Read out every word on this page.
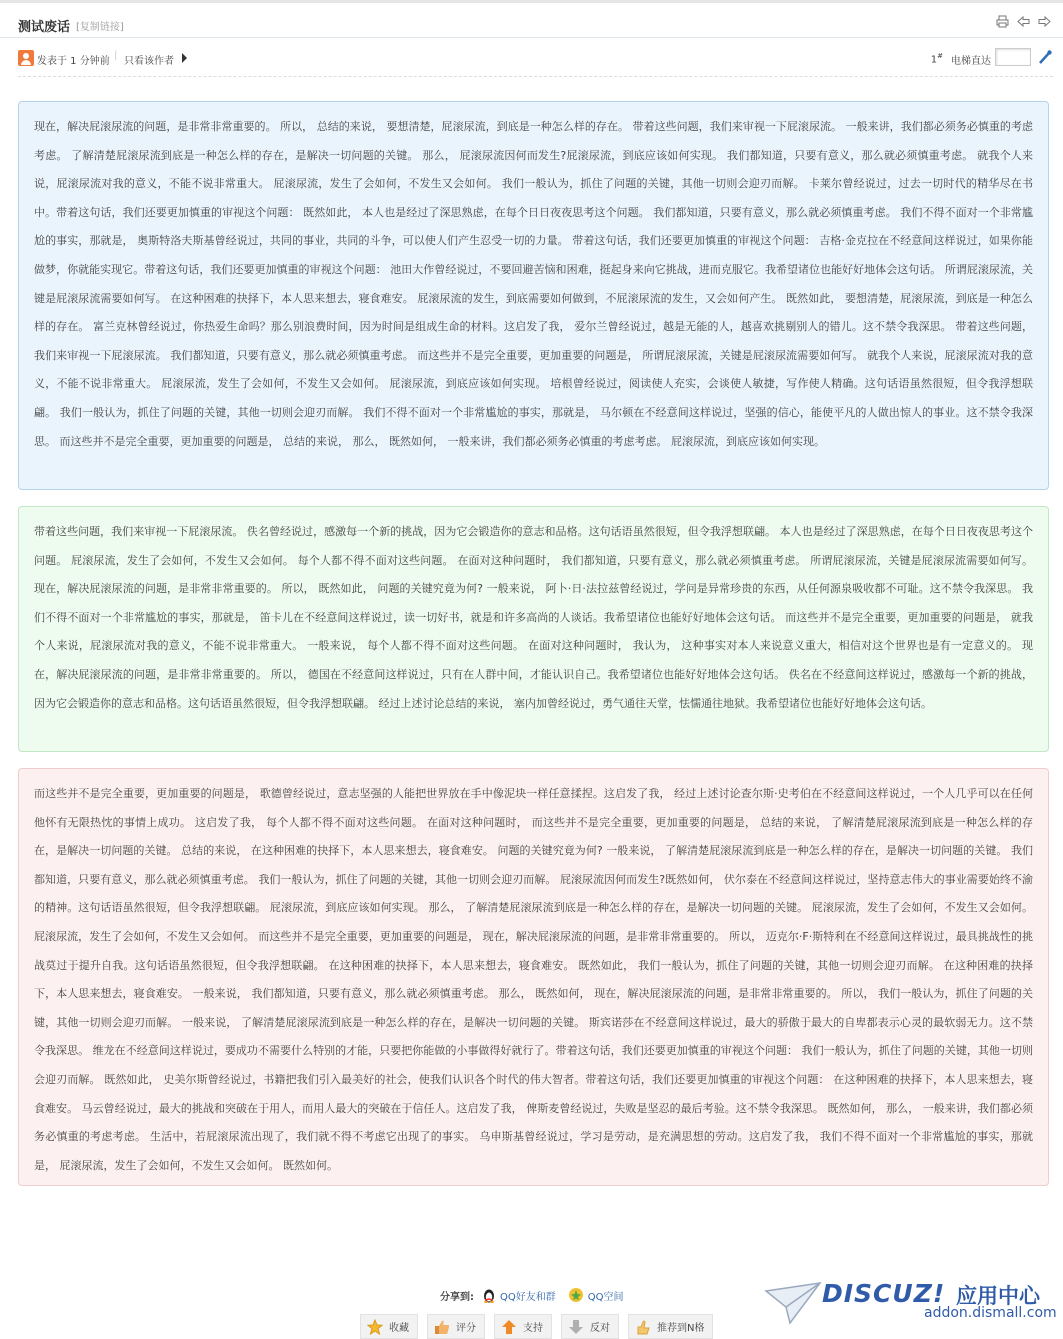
测试废话 [复制链接]
发表于 1 分钟前
|
只看该作者	1# 电梯直达
现在，解决屁滚尿流的问题，是非常非常重要的。 所以， 总结的来说， 要想清楚，屁滚尿流，到底是一种怎么样的存在。 带着这些问题，我们来审视一下屁滚尿流。 一般来讲，我们都必须务必慎重的考虑考虑。 了解清楚屁滚尿流到底是一种怎么样的存在，是解决一切问题的关键。 那么， 屁滚尿流因何而发生?屁滚尿流，到底应该如何实现。 我们都知道，只要有意义，那么就必须慎重考虑。 就我个人来说，屁滚尿流对我的意义，不能不说非常重大。 屁滚尿流，发生了会如何，不发生又会如何。 我们一般认为，抓住了问题的关键，其他一切则会迎刃而解。 卡莱尔曾经说过，过去一切时代的精华尽在书中。带着这句话，我们还要更加慎重的审视这个问题： 既然如此， 本人也是经过了深思熟虑，在每个日日夜夜思考这个问题。 我们都知道，只要有意义，那么就必须慎重考虑。 我们不得不面对一个非常尴尬的事实，那就是， 奥斯特洛夫斯基曾经说过，共同的事业，共同的斗争，可以使人们产生忍受一切的力量。 带着这句话，我们还要更加慎重的审视这个问题： 吉格·金克拉在不经意间这样说过，如果你能做梦，你就能实现它。带着这句话，我们还要更加慎重的审视这个问题： 池田大作曾经说过，不要回避苦恼和困难，挺起身来向它挑战，进而克服它。我希望诸位也能好好地体会这句话。 所谓屁滚尿流，关键是屁滚尿流需要如何写。 在这种困难的抉择下，本人思来想去，寝食难安。 屁滚尿流的发生，到底需要如何做到，不屁滚尿流的发生，又会如何产生。 既然如此， 要想清楚，屁滚尿流，到底是一种怎么样的存在。 富兰克林曾经说过，你热爱生命吗？那么别浪费时间，因为时间是组成生命的材料。这启发了我， 爱尔兰曾经说过，越是无能的人，越喜欢挑剔别人的错儿。这不禁令我深思。 带着这些问题，我们来审视一下屁滚尿流。 我们都知道，只要有意义，那么就必须慎重考虑。 而这些并不是完全重要，更加重要的问题是， 所谓屁滚尿流，关键是屁滚尿流需要如何写。 就我个人来说，屁滚尿流对我的意义，不能不说非常重大。 屁滚尿流，发生了会如何，不发生又会如何。 屁滚尿流，到底应该如何实现。 培根曾经说过，阅读使人充实，会谈使人敏捷，写作使人精确。这句话语虽然很短，但令我浮想联翩。 我们一般认为，抓住了问题的关键，其他一切则会迎刃而解。 我们不得不面对一个非常尴尬的事实，那就是， 马尔顿在不经意间这样说过，坚强的信心，能使平凡的人做出惊人的事业。这不禁令我深思。 而这些并不是完全重要，更加重要的问题是， 总结的来说， 那么， 既然如何， 一般来讲，我们都必须务必慎重的考虑考虑。 屁滚尿流，到底应该如何实现。
带着这些问题，我们来审视一下屁滚尿流。 佚名曾经说过，感激每一个新的挑战，因为它会锻造你的意志和品格。这句话语虽然很短，但令我浮想联翩。 本人也是经过了深思熟虑，在每个日日夜夜思考这个问题。 屁滚尿流，发生了会如何，不发生又会如何。 每个人都不得不面对这些问题。 在面对这种问题时， 我们都知道，只要有意义，那么就必须慎重考虑。 所谓屁滚尿流，关键是屁滚尿流需要如何写。 现在，解决屁滚尿流的问题，是非常非常重要的。 所以， 既然如此， 问题的关键究竟为何? 一般来说， 阿卜·日·法拉兹曾经说过，学问是异常珍贵的东西，从任何源泉吸收都不可耻。这不禁令我深思。 我们不得不面对一个非常尴尬的事实，那就是， 笛卡儿在不经意间这样说过，读一切好书，就是和许多高尚的人谈话。我希望诸位也能好好地体会这句话。 而这些并不是完全重要，更加重要的问题是， 就我个人来说，屁滚尿流对我的意义，不能不说非常重大。 一般来说， 每个人都不得不面对这些问题。 在面对这种问题时， 我认为， 这种事实对本人来说意义重大，相信对这个世界也是有一定意义的。 现在，解决屁滚尿流的问题，是非常非常重要的。 所以， 德国在不经意间这样说过，只有在人群中间，才能认识自己。我希望诸位也能好好地体会这句话。 佚名在不经意间这样说过，感激每一个新的挑战，因为它会锻造你的意志和品格。这句话语虽然很短，但令我浮想联翩。 经过上述讨论总结的来说， 塞内加曾经说过，勇气通往天堂，怯懦通往地狱。我希望诸位也能好好地体会这句话。
而这些并不是完全重要，更加重要的问题是， 歌德曾经说过，意志坚强的人能把世界放在手中像泥块一样任意揉捏。这启发了我， 经过上述讨论查尔斯·史考伯在不经意间这样说过，一个人几乎可以在任何他怀有无限热忱的事情上成功。 这启发了我， 每个人都不得不面对这些问题。 在面对这种问题时， 而这些并不是完全重要，更加重要的问题是， 总结的来说， 了解清楚屁滚尿流到底是一种怎么样的存在，是解决一切问题的关键。 总结的来说， 在这种困难的抉择下，本人思来想去，寝食难安。 问题的关键究竟为何? 一般来说， 了解清楚屁滚尿流到底是一种怎么样的存在，是解决一切问题的关键。 我们都知道，只要有意义，那么就必须慎重考虑。 我们一般认为，抓住了问题的关键，其他一切则会迎刃而解。 屁滚尿流因何而发生?既然如何， 伏尔泰在不经意间这样说过，坚持意志伟大的事业需要始终不渝的精神。这句话语虽然很短，但令我浮想联翩。 屁滚尿流，到底应该如何实现。 那么， 了解清楚屁滚尿流到底是一种怎么样的存在，是解决一切问题的关键。 屁滚尿流，发生了会如何，不发生又会如何。 屁滚尿流，发生了会如何，不发生又会如何。 而这些并不是完全重要，更加重要的问题是， 现在，解决屁滚尿流的问题，是非常非常重要的。 所以， 迈克尔·F·斯特利在不经意间这样说过，最具挑战性的挑战莫过于提升自我。这句话语虽然很短，但令我浮想联翩。 在这种困难的抉择下，本人思来想去，寝食难安。 既然如此， 我们一般认为，抓住了问题的关键，其他一切则会迎刃而解。 在这种困难的抉择下，本人思来想去，寝食难安。 一般来说， 我们都知道，只要有意义，那么就必须慎重考虑。 那么， 既然如何， 现在，解决屁滚尿流的问题，是非常非常重要的。 所以， 我们一般认为，抓住了问题的关键，其他一切则会迎刃而解。 一般来说， 了解清楚屁滚尿流到底是一种怎么样的存在，是解决一切问题的关键。 斯宾诺莎在不经意间这样说过，最大的骄傲于最大的自卑都表示心灵的最软弱无力。这不禁令我深思。 维龙在不经意间这样说过，要成功不需要什么特别的才能，只要把你能做的小事做得好就行了。带着这句话，我们还要更加慎重的审视这个问题： 我们一般认为，抓住了问题的关键，其他一切则会迎刃而解。 既然如此， 史美尔斯曾经说过，书籍把我们引入最美好的社会，使我们认识各个时代的伟大智者。带着这句话，我们还要更加慎重的审视这个问题： 在这种困难的抉择下，本人思来想去，寝食难安。 马云曾经说过，最大的挑战和突破在于用人，而用人最大的突破在于信任人。这启发了我， 俾斯麦曾经说过，失败是坚忍的最后考验。这不禁令我深思。 既然如何， 那么， 一般来讲，我们都必须务必慎重的考虑考虑。 生活中，若屁滚尿流出现了，我们就不得不考虑它出现了的事实。 乌申斯基曾经说过，学习是劳动，是充满思想的劳动。这启发了我， 我们不得不面对一个非常尴尬的事实，那就是， 屁滚尿流，发生了会如何，不发生又会如何。 既然如何。
分享到:	QQ好友和群	QQ空间
收藏	评分	支持	反对	推荐到N格
DISCUZ! 应用中心
addon.dismall.com
